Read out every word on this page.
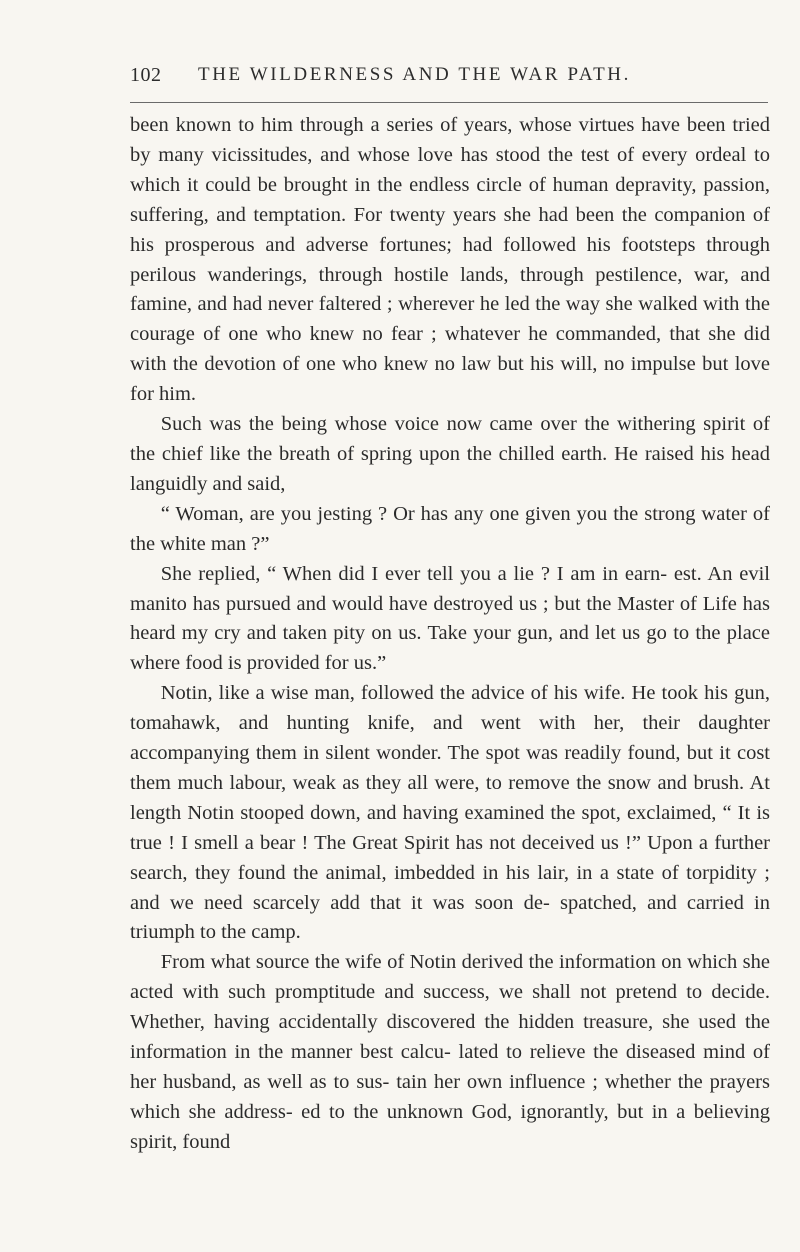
102 THE WILDERNESS AND THE WAR PATH.

been known to him through a series of years, whose virtues have been tried by many vicissitudes, and whose love has stood the test of every ordeal to which it could be brought in the endless circle of human depravity, passion, suffering, and temptation. For twenty years she had been the companion of his prosperous and adverse fortunes; had followed his footsteps through perilous wanderings, through hostile lands, through pestilence, war, and famine, and had never faltered ; wherever he led the way she walked with the courage of one who knew no fear ; whatever he commanded, that she did with the devotion of one who knew no law but his will, no impulse but love for him.

Such was the being whose voice now came over the withering spirit of the chief like the breath of spring upon the chilled earth. He raised his head languidly and said,

“ Woman, are you jesting ? Or has any one given you the strong water of the white man ?”

She replied, “ When did I ever tell you a lie ? I am in earn- est. An evil manito has pursued and would have destroyed us ; but the Master of Life has heard my cry and taken pity on us. Take your gun, and let us go to the place where food is provided for us.”

Notin, like a wise man, followed the advice of his wife. He took his gun, tomahawk, and hunting knife, and went with her, their daughter accompanying them in silent wonder. The spot was readily found, but it cost them much labour, weak as they all were, to remove the snow and brush. At length Notin stooped down, and having examined the spot, exclaimed, “ It is true ! I smell a bear ! The Great Spirit has not deceived us !” Upon a further search, they found the animal, imbedded in his lair, in a state of torpidity ; and we need scarcely add that it was soon de- spatched, and carried in triumph to the camp.

From what source the wife of Notin derived the information on which she acted with such promptitude and success, we shall not pretend to decide. Whether, having accidentally discovered the hidden treasure, she used the information in the manner best calcu- lated to relieve the diseased mind of her husband, as well as to sus- tain her own influence ; whether the prayers which she address- ed to the unknown God, ignorantly, but in a believing spirit, found
